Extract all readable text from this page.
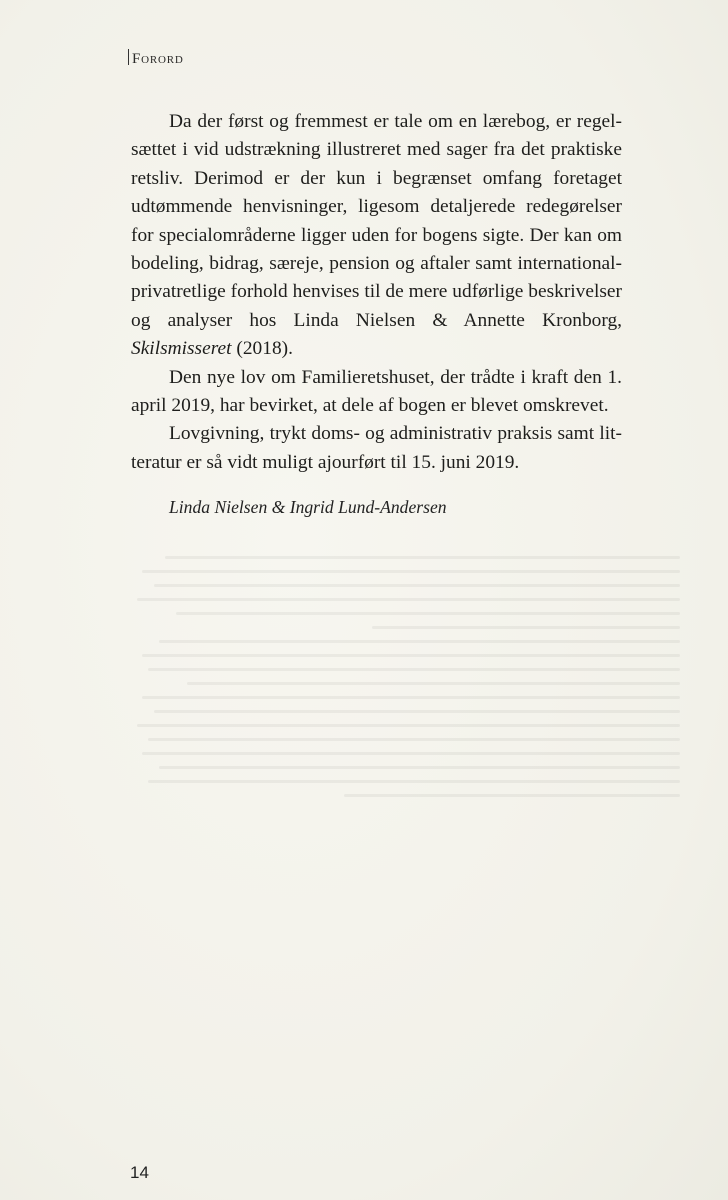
Forord

Da der først og fremmest er tale om en lærebog, er regelsættet i vid udstrækning illustreret med sager fra det praktiske retsliv. Derimod er der kun i begrænset omfang foretaget udtømmende henvisninger, ligesom detaljerede redegørelser for specialområderne ligger uden for bogens sigte. Der kan om bodeling, bidrag, særeje, pension og aftaler samt internationalprivatretlige forhold henvises til de mere udførlige beskrivelser og analyser hos Linda Nielsen & Annette Kronborg, Skilsmisseret (2018).

Den nye lov om Familieretshuset, der trådte i kraft den 1. april 2019, har bevirket, at dele af bogen er blevet omskrevet.

Lovgivning, trykt doms- og administrativ praksis samt litteratur er så vidt muligt ajourført til 15. juni 2019.

Linda Nielsen & Ingrid Lund-Andersen
14
